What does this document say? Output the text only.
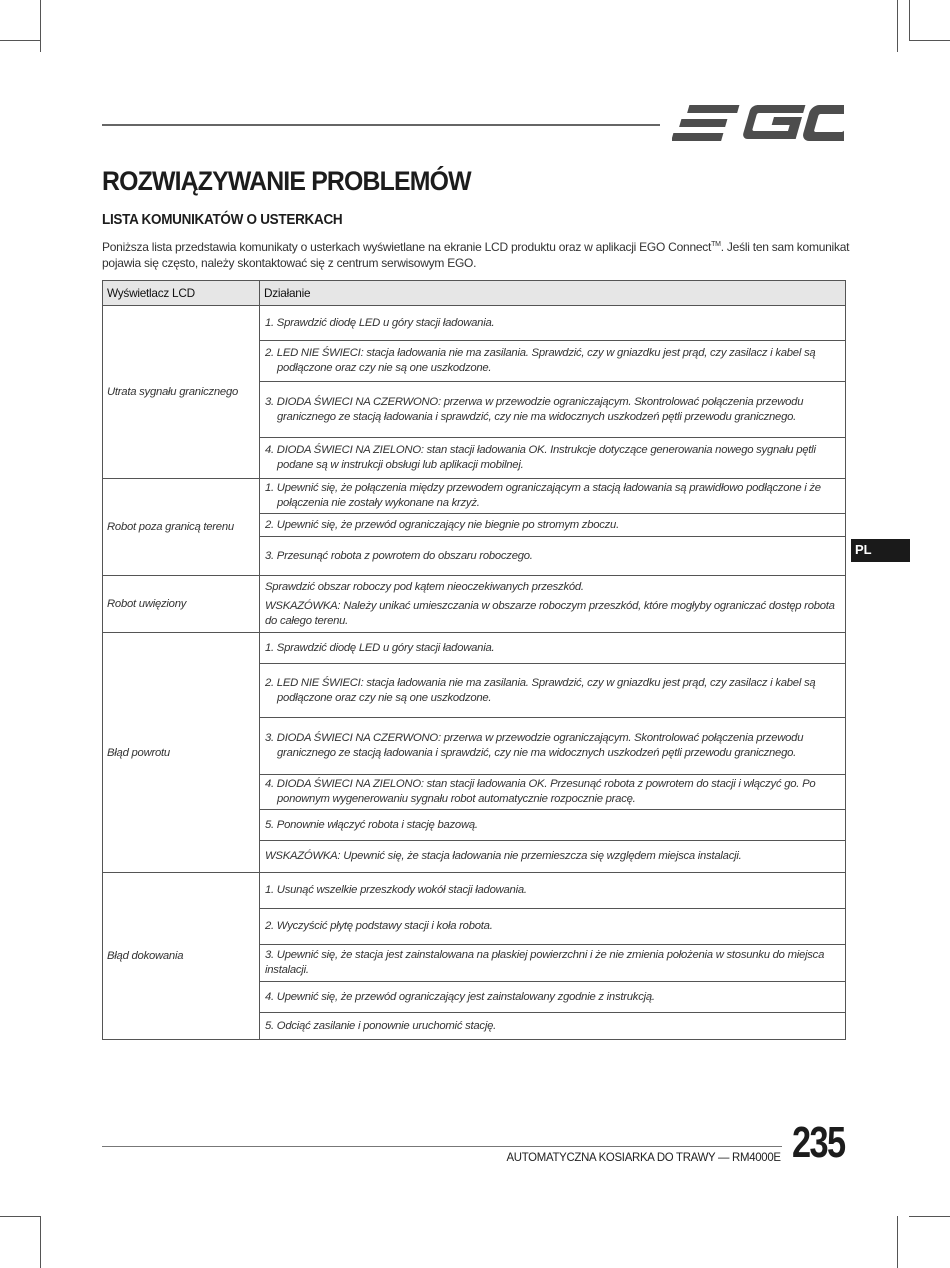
ROZWIĄZYWANIE PROBLEMÓW
LISTA KOMUNIKATÓW O USTERKACH

Poniższa lista przedstawia komunikaty o usterkach wyświetlane na ekranie LCD produktu oraz w aplikacji EGO Connect™. Jeśli ten sam komunikat pojawia się często, należy skontaktować się z centrum serwisowym EGO.

Wyświetlacz LCD	Działanie
Utrata sygnału granicznego	1. Sprawdzić diodę LED u góry stacji ładowania.

	2. LED NIE ŚWIECI: stacja ładowania nie ma zasilania. Sprawdzić, czy w gniazdku jest prąd, czy zasilacz i kabel są podłączone oraz czy nie są one uszkodzone.

	3. DIODA ŚWIECI NA CZERWONO: przerwa w przewodzie ograniczającym. Skontrolować połączenia przewodu granicznego ze stacją ładowania i sprawdzić, czy nie ma widocznych uszkodzeń pętli przewodu granicznego.

	4. DIODA ŚWIECI NA ZIELONO: stan stacji ładowania OK. Instrukcje dotyczące generowania nowego sygnału pętli podane są w instrukcji obsługi lub aplikacji mobilnej.

Robot poza granicą terenu	1. Upewnić się, że połączenia między przewodem ograniczającym a stacją ładowania są prawidłowo podłączone i że połączenia nie zostały wykonane na krzyż.

	2. Upewnić się, że przewód ograniczający nie biegnie po stromym zboczu.

	3. Przesunąć robota z powrotem do obszaru roboczego.

Robot uwięziony	Sprawdzić obszar roboczy pod kątem nieoczekiwanych przeszkód.
WSKAZÓWKA: Należy unikać umieszczania w obszarze roboczym przeszkód, które mogłyby ograniczać dostęp robota do całego terenu.

Błąd powrotu	1. Sprawdzić diodę LED u góry stacji ładowania.

	2. LED NIE ŚWIECI: stacja ładowania nie ma zasilania. Sprawdzić, czy w gniazdku jest prąd, czy zasilacz i kabel są podłączone oraz czy nie są one uszkodzone.

	3. DIODA ŚWIECI NA CZERWONO: przerwa w przewodzie ograniczającym. Skontrolować połączenia przewodu granicznego ze stacją ładowania i sprawdzić, czy nie ma widocznych uszkodzeń pętli przewodu granicznego.

	4. DIODA ŚWIECI NA ZIELONO: stan stacji ładowania OK. Przesunąć robota z powrotem do stacji i włączyć go. Po ponownym wygenerowaniu sygnału robot automatycznie rozpocznie pracę.

	5. Ponownie włączyć robota i stację bazową.

	WSKAZÓWKA: Upewnić się, że stacja ładowania nie przemieszcza się względem miejsca instalacji.

Błąd dokowania	1. Usunąć wszelkie przeszkody wokół stacji ładowania.

	2. Wyczyścić płytę podstawy stacji i koła robota.

	3. Upewnić się, że stacja jest zainstalowana na płaskiej powierzchni i że nie zmienia położenia w stosunku do miejsca instalacji.

	4. Upewnić się, że przewód ograniczający jest zainstalowany zgodnie z instrukcją.

	5. Odciąć zasilanie i ponownie uruchomić stację.
PL
AUTOMATYCZNA KOSIARKA DO TRAWY — RM4000E 235
